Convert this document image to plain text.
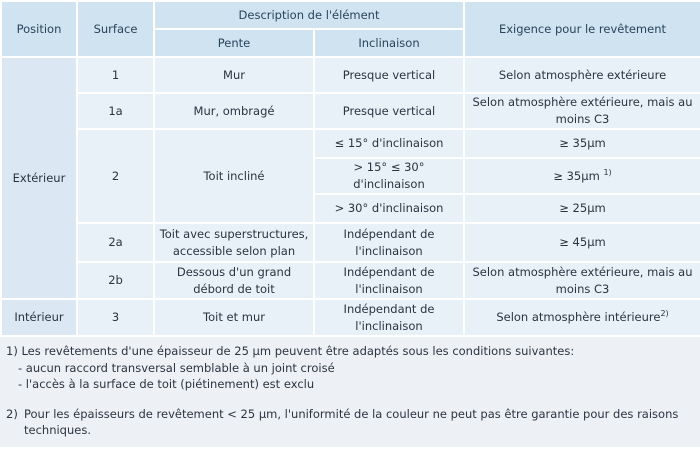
Position	Surface	Description de l'élément		Exigence pour le revêtement
		Pente	Inclinaison	
Extérieur	1	Mur	Presque vertical	Selon atmosphère extérieure
	1a	Mur, ombragé	Presque vertical	Selon atmosphère extérieure, mais au moins C3
	2	Toit incliné	≤ 15° d'inclinaison	≥ 35µm
			> 15° ≤ 30° d'inclinaison	≥ 35µm $^{1)}$
			> 30° d'inclinaison	≥ 25µm
	2a	Toit avec superstructures, accessible selon plan	Indépendant de l'inclinaison	≥ 45µm
	2b	Dessous d'un grand débord de toit	Indépendant de l'inclinaison	Selon atmosphère extérieure, mais au moins C3
Intérieur	3	Toit et mur	Indépendant de l'inclinaison	Selon atmosphère intérieure$^{2)}$
1) Les revêtements d'une épaisseur de 25 µm peuvent être adaptés sous les conditions suivantes:
- aucun raccord transversal semblable à un joint croisé
- l'accès à la surface de toit (piétinement) est exclu
2) Pour les épaisseurs de revêtement < 25 µm, l'uniformité de la couleur ne peut pas être garantie pour des raisons techniques.
